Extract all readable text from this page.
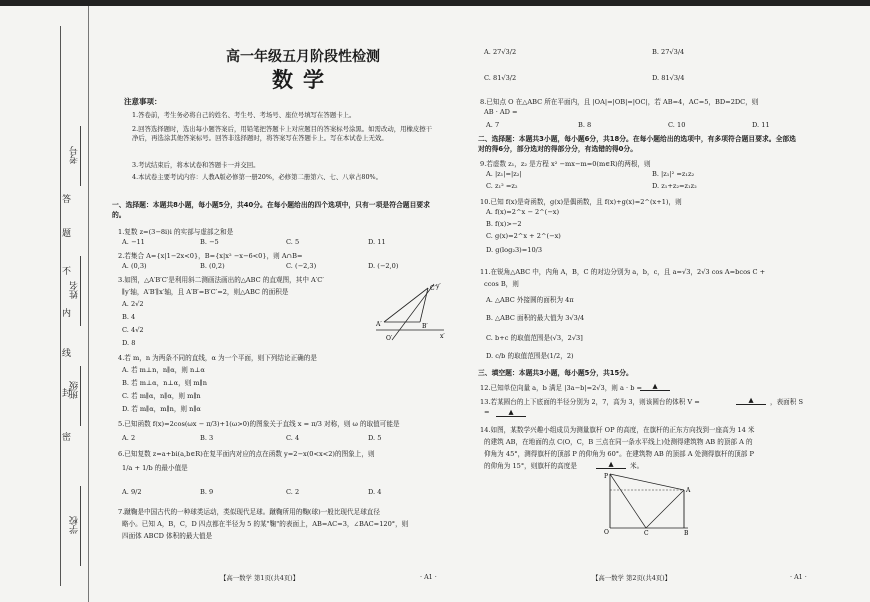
考号
姓名
班级
学校
答
题
不
内
线
封
密
高一年级五月阶段性检测
数学
注意事项：
1.答卷前，考生务必将自己的姓名、考生号、考场号、座位号填写在答题卡上。
2.回答选择题时，选出每小题答案后，用铅笔把答题卡上对应题目的答案标号涂黑。如需改动，用橡皮擦干净后，再选涂其他答案标号。回答非选择题时，将答案写在答题卡上。写在本试卷上无效。
3.考试结束后，将本试卷和答题卡一并交回。
4.本试卷主要考试内容：人教A版必修第一册20%，必修第二册第六、七、八章占80%。
一、选择题：本题共8小题，每小题5分，共40分。在每小题给出的四个选项中，只有一项是符合题目要求的。
1.复数 z=(3−8i)i 的实部与虚部之和是
A. −11	B. −5	C. 5	D. 11
2.若集合 A={x|1−2x<0}，B={x|x² −x−6<0}，则 A∩B=
A. (0,3)	B. (0,2)	C. (−2,3)	D. (−2,0)
3.如图，△A′B′C′是利用斜二测画法画出的△ABC 的直观图，其中 A′C′
∥y′轴，A′B′∥x′轴，且 A′B′=B′C′=2，则△ABC 的面积是
A. 2√2
B. 4
C. 4√2
D. 8
A′	B′
C′
O′	x′
y′
4.若 m，n 为两条不同的直线，α 为一个平面，则下列结论正确的是
A. 若 m⊥n，n∥α，则 n⊥α
B. 若 m⊥α，n⊥α，则 m∥n
C. 若 m∥α，n∥α，则 m∥n
D. 若 m∥α，m∥n，则 n∥α
5.已知函数 f(x)=2cos(ωx − π/3)+1(ω>0)的图象关于直线 x = π/3 对称，则 ω 的取值可能是
A. 2	B. 3	C. 4	D. 5
6.已知复数 z=a+bi(a,b∈R)在复平面内对应的点在函数 y=2−x(0<x<2)的图象上，则
1/a + 1/b 的最小值是
A. 9/2	B. 9	C. 2	D. 4
7.蹴鞠是中国古代的一种球类运动，类似现代足球。蹴鞠所用的鞠(球)一般比现代足球直径
略小。已知 A，B，C，D 四点都在半径为 5 的某"鞠"的表面上，AB=AC=3，∠BAC=120°，则
四面体 ABCD 体积的最大值是
【高一数学 第1页(共4页)】	· A1 ·
A. 27√3/2	B. 27√3/4
C. 81√3/2	D. 81√3/4
8.已知点 O 在△ABC 所在平面内，且 |OA|=|OB|=|OC|，若 AB=4，AC=5，BD=2DC，则
AB · AD =
A. 7	B. 8	C. 10	D. 11
二、选择题：本题共3小题，每小题6分，共18分。在每小题给出的选项中，有多项符合题目要求。全部选对的得6分，部分选对的得部分分，有选错的得0分。
9.若虚数 z₁，z₂ 是方程 x² −mx−m=0(m∈R)的两根，则
A. |z₁|=|z₂|	B. |z₁|² =z₁z₂
C. z₁² =z₂	D. z₁+z₂=z₁z₂
10.已知 f(x)是奇函数，g(x)是偶函数，且 f(x)+g(x)=2^(x+1)，则
A. f(x)=2^x − 2^(−x)
B. f(x)>−2
C. g(x)=2^x + 2^(−x)
D. g(log₂3)=10/3
11.在锐角△ABC 中，内角 A，B，C 的对边分别为 a，b，c，且 a=√3，2√3 cos A=bcos C +
ccos B，则
A. △ABC 外接圆的面积为 4π
B. △ABC 面积的最大值为 3√3/4
C. b+c 的取值范围是(√3，2√3]
D. c/b 的取值范围是(1/2，2)
三、填空题：本题共3小题，每小题5分，共15分。
12.已知单位向量 a，b 满足 |3a−b|=2√3，则 a · b =	▲
13.若某圆台的上下底面的半径分别为 2，7，高为 3，则该圆台的体积 V =	▲	，表面积 S
=	▲
14.如图，某数学兴趣小组成员为测量旗杆 OP 的高度，在旗杆的正东方向找到一座高为 14 米
的建筑 AB，在地面的点 C(O，C，B 三点在同一条水平线上)处测得建筑物 AB 的顶部 A 的
仰角为 45°，测得旗杆的顶部 P 的仰角为 60°。在建筑物 AB 的顶部 A 处测得旗杆的顶部 P
的仰角为 15°，则旗杆的高度是	▲	米。
P
A
O	C	B
【高一数学 第2页(共4页)】	· A1 ·
